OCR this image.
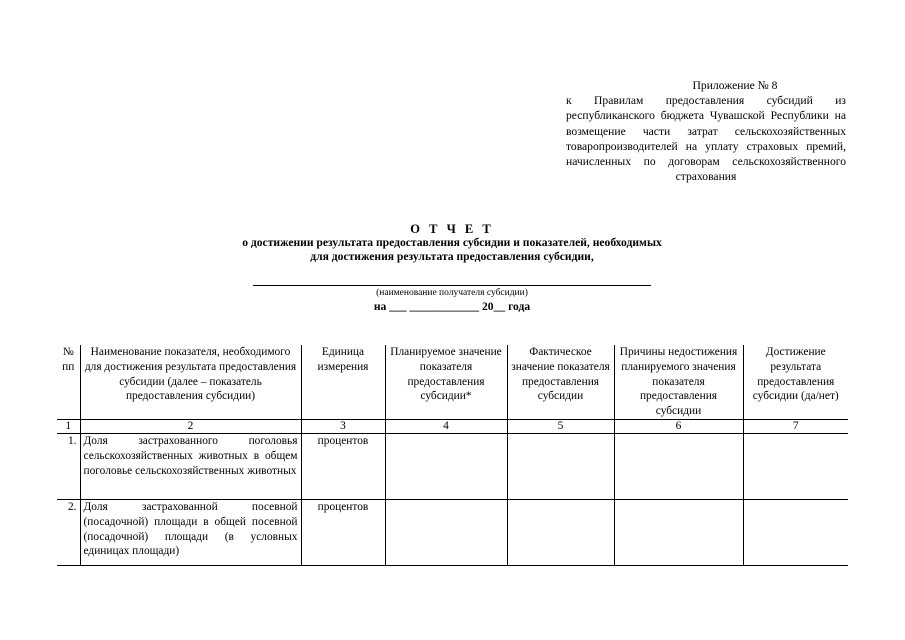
Приложение № 8
к Правилам предоставления субсидий из республиканского бюджета Чувашской Республики на возмещение части затрат сельскохозяйственных товаропроизводителей на уплату страховых премий, начисленных по договорам сельскохозяйственного страхования
О Т Ч Е Т
о достижении результата предоставления субсидии и показателей, необходимых
для достижения результата предоставления субсидии,
(наименование получателя субсидии)
на ___ ____________ 20__ года
№ пп	Наименование показателя, необходимого для достижения результата предоставления субсидии (далее – показатель предоставления субсидии)	Единица измерения	Планируемое значение показателя предоставления субсидии*	Фактическое значение показателя предоставления субсидии	Причины недостижения планируемого значения показателя предоставления субсидии	Достижение результата предоставления субсидии (да/нет)
1	2	3	4	5	6	7
1.	Доля застрахованного поголовья сельскохозяйственных животных в общем поголовье сельскохозяйственных животных	процентов				
2.	Доля застрахованной посевной (посадочной) площади в общей посевной (посадочной) площади (в условных единицах площади)	процентов				
